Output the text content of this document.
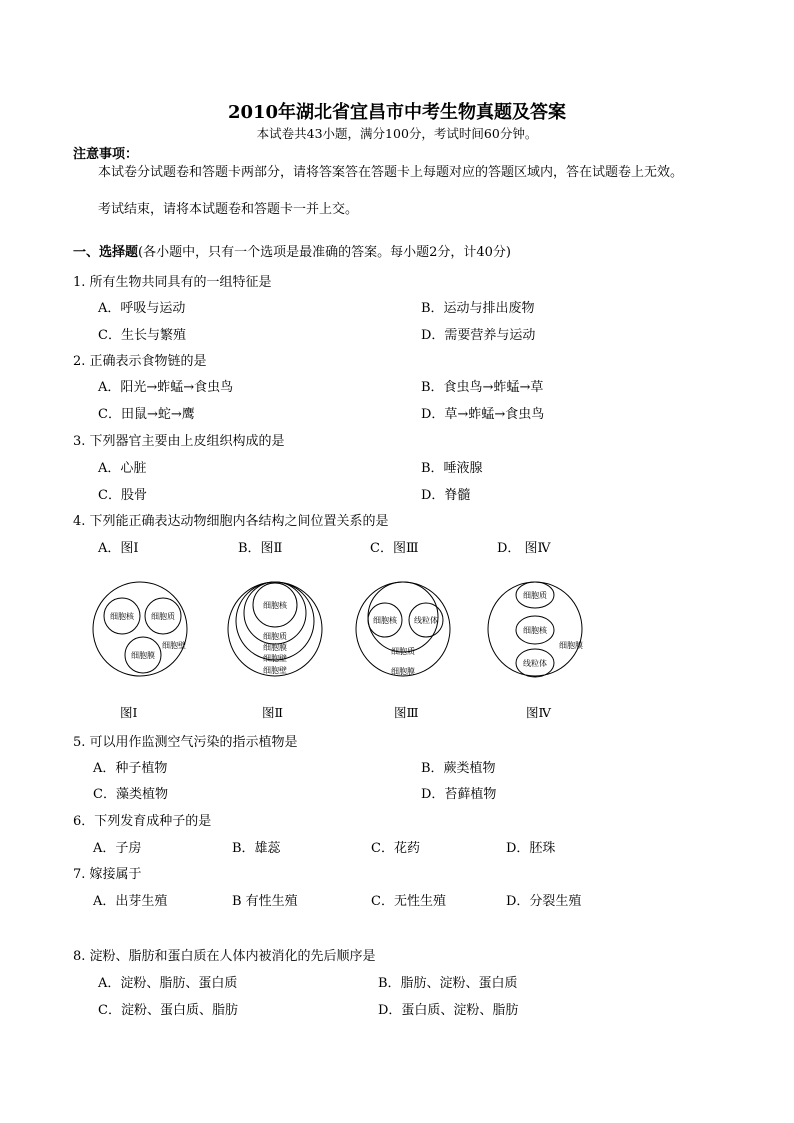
2010年湖北省宜昌市中考生物真题及答案
本试卷共43小题，满分100分，考试时间60分钟。
注意事项：
本试卷分试题卷和答题卡两部分，请将答案答在答题卡上每题对应的答题区域内，答在试题卷上无效。
考试结束，请将本试题卷和答题卡一并上交。
一、选择题(各小题中，只有一个选项是最准确的答案。每小题2分，计40分)
1. 所有生物共同具有的一组特征是
A．呼吸与运动	B．运动与排出废物
C．生长与繁殖	D．需要营养与运动
2. 正确表示食物链的是
A．阳光→蚱蜢→食虫鸟	B．食虫鸟→蚱蜢→草
C．田鼠→蛇→鹰	D．草→蚱蜢→食虫鸟
3. 下列器官主要由上皮组织构成的是
A．心脏	B．唾液腺
C．股骨	D．脊髓
4. 下列能正确表达动物细胞内各结构之间位置关系的是
A．图Ⅰ	B．图Ⅱ	C．图Ⅲ	D． 图Ⅳ
细胞核 细胞质
细胞壁
细胞膜
细胞核
细胞质
细胞膜
细胞壁
细胞壁
细胞核 线粒体
细胞质
细胞膜
细胞质
细胞核
线粒体
细胞膜
图Ⅰ	图Ⅱ	图Ⅲ	图Ⅳ
5. 可以用作监测空气污染的指示植物是
A．种子植物	B．蕨类植物
C．藻类植物	D．苔藓植物
6．下列发育成种子的是
A．子房	B．雄蕊	C．花药	D．胚珠
7. 嫁接属于
A．出芽生殖	B 有性生殖	C．无性生殖	D．分裂生殖
8. 淀粉、脂肪和蛋白质在人体内被消化的先后顺序是
A．淀粉、脂肪、蛋白质	B．脂肪、淀粉、蛋白质
C．淀粉、蛋白质、脂肪	D．蛋白质、淀粉、脂肪
